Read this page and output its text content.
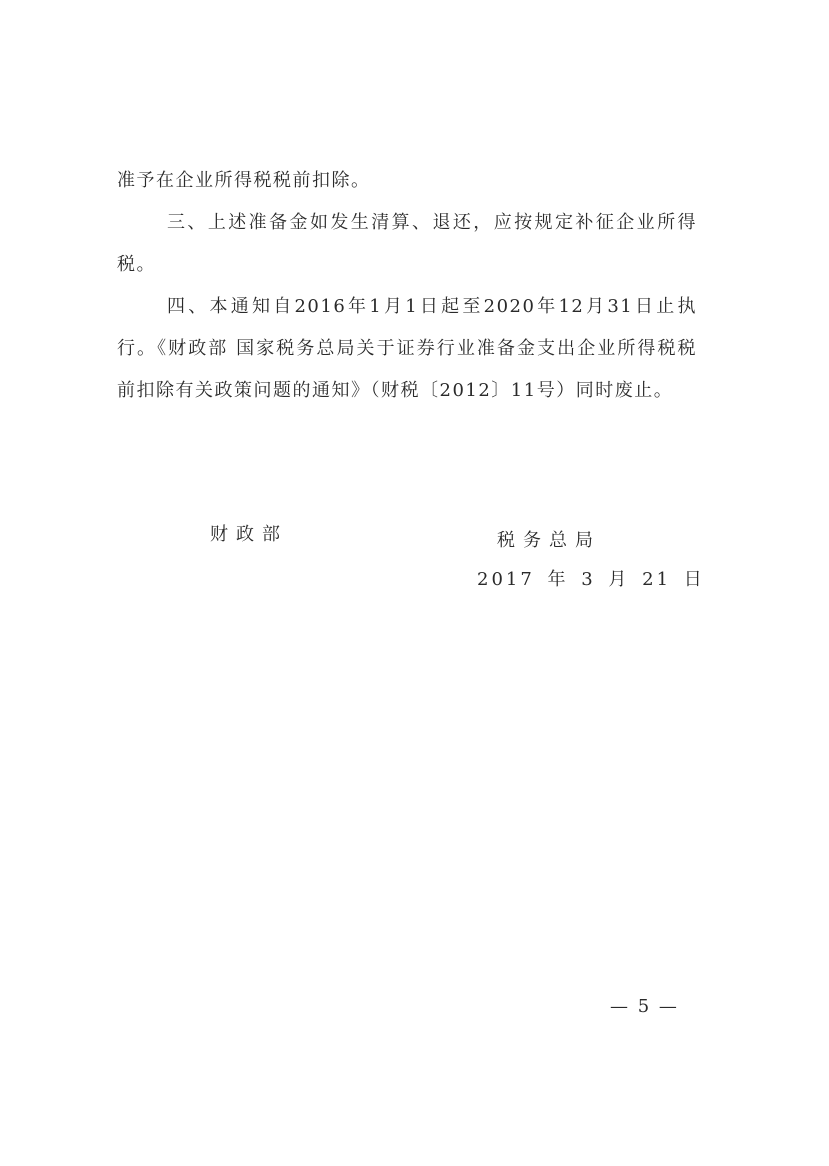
准予在企业所得税税前扣除。

三、上述准备金如发生清算、退还，应按规定补征企业所得税。

四、本通知自2016年1月1日起至2020年12月31日止执行。《财政部 国家税务总局关于证券行业准备金支出企业所得税税前扣除有关政策问题的通知》（财税〔2012〕11号）同时废止。

财政部	税务总局
2017 年 3 月 21 日
— 5 —
